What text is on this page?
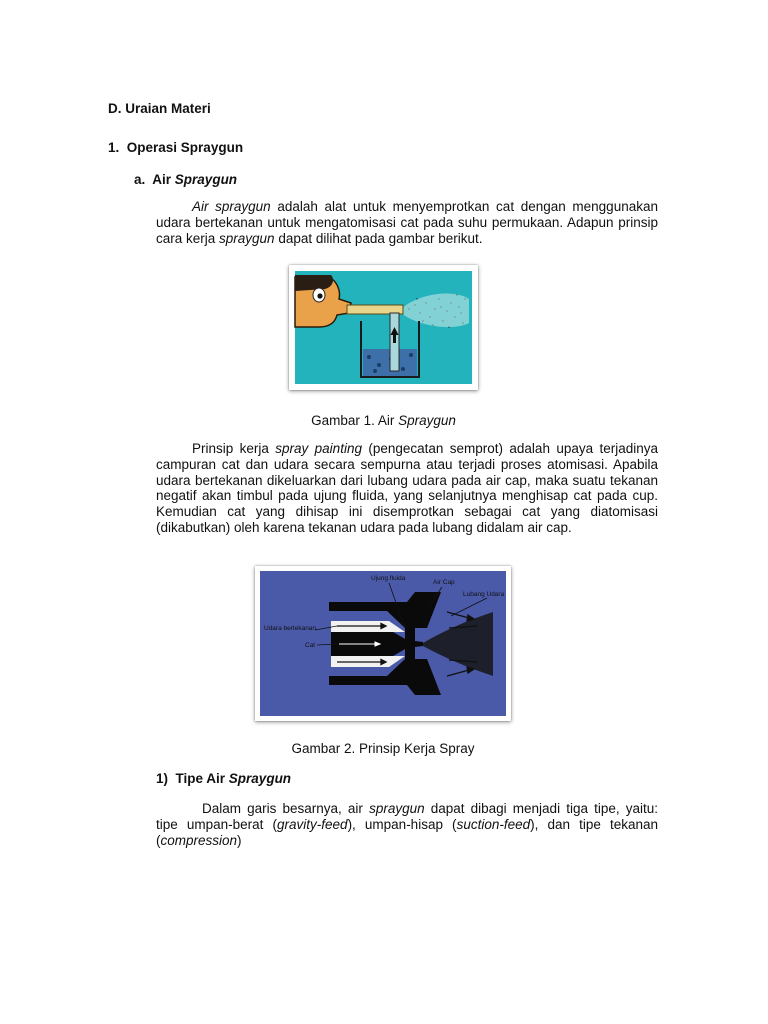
D. Uraian Materi
1. Operasi Spraygun
a. Air Spraygun
Air spraygun adalah alat untuk menyemprotkan cat dengan menggunakan udara bertekanan untuk mengatomisasi cat pada suhu permukaan. Adapun prinsip cara kerja spraygun dapat dilihat pada gambar berikut.
Gambar 1. Air Spraygun
Prinsip kerja spray painting (pengecatan semprot) adalah upaya terjadinya campuran cat dan udara secara sempurna atau terjadi proses atomisasi. Apabila udara bertekanan dikeluarkan dari lubang udara pada air cap, maka suatu tekanan negatif akan timbul pada ujung fluida, yang selanjutnya menghisap cat pada cup. Kemudian cat yang dihisap ini disemprotkan sebagai cat yang diatomisasi (dikabutkan) oleh karena tekanan udara pada lubang didalam air cap.
Ujung fluida
Air Cap
Lubang Udara
Udara bertekanan
Cat
Gambar 2. Prinsip Kerja Spray
1) Tipe Air Spraygun
Dalam garis besarnya, air spraygun dapat dibagi menjadi tiga tipe, yaitu: tipe umpan-berat (gravity-feed), umpan-hisap (suction-feed), dan tipe tekanan (compression)
